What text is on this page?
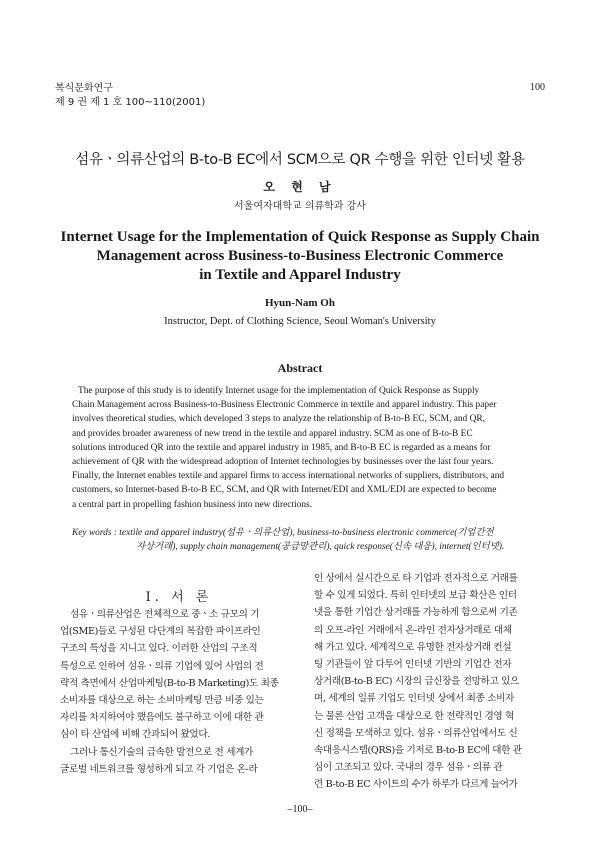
복식문화연구
제 9 권 제 1 호 100~110(2001)
100
섬유ㆍ의류산업의 B-to-B EC에서 SCM으로 QR 수행을 위한 인터넷 활용
오 현 남
서울여자대학교 의류학과 강사
Internet Usage for the Implementation of Quick Response as Supply Chain
Management across Business-to-Business Electronic Commerce
in Textile and Apparel Industry
Hyun-Nam Oh
Instructor, Dept. of Clothing Science, Seoul Woman's University
Abstract
The purpose of this study is to identify Internet usage for the implementation of Quick Response as Supply
Chain Management across Business-to-Business Electronic Commerce in textile and apparel industry. This paper
involves theoretical studies, which developed 3 steps to analyze the relationship of B-to-B EC, SCM, and QR,
and provides broader awareness of new trend in the textile and apparel industry. SCM as one of B-to-B EC
solutions introduced QR into the textile and apparel industry in 1985, and B-to-B EC is regarded as a means for
achievement of QR with the widespread adoption of Internet technologies by businesses over the last four years.
Finally, the Internet enables textile and apparel firms to access international networks of suppliers, distributors, and
customers, so Internet-based B-to-B EC, SCM, and QR with Internet/EDI and XML/EDI are expected to become
a central part in propelling fashion business into new directions.
Key words : textile and apparel industry(섬유ㆍ의류산업), business-to-business electronic commerce(기업간전
자상거래), supply chain management(공급망관리), quick response(신속 대응), internet(인터넷).
Ⅰ. 서 론
섬유ㆍ의류산업은 전체적으로 중ㆍ소 규모의 기
업(SME)들로 구성된 다단계의 복잡한 파이프라인
구조의 특성을 지니고 있다. 이러한 산업의 구조적
특성으로 인하여 섬유ㆍ의류 기업에 있어 사업의 전
략적 측면에서 산업마케팅(B-to-B Marketing)도 최종
소비자를 대상으로 하는 소비마케팅 만큼 비중 있는
자리를 차지하여야 했음에도 불구하고 이에 대한 관
심이 타 산업에 비해 간과되어 왔었다.
그러나 통신기술의 급속한 발전으로 전 세계가
글로벌 네트워크를 형성하게 되고 각 기업은 온-라
인 상에서 실시간으로 타 기업과 전자적으로 거래를
할 수 있게 되었다. 특히 인터넷의 보급 확산은 인터
넷을 통한 기업간 상거래를 가능하게 함으로써 기존
의 오프-라인 거래에서 온-라인 전자상거래로 대체
해 가고 있다. 세계적으로 유명한 전자상거래 컨설
팅 기관들이 앞 다투어 인터넷 기반의 기업간 전자
상거래(B-to-B EC) 시장의 급신장을 전망하고 있으
며, 세계의 일류 기업도 인터넷 상에서 최종 소비자
는 물론 산업 고객을 대상으로 한 전략적인 경영 혁
신 정책을 모색하고 있다. 섬유ㆍ의류산업에서도 신
속대응시스템(QRS)을 기저로 B-to-B EC에 대한 관
심이 고조되고 있다. 국내의 경우 섬유ㆍ의류 관
련 B-to-B EC 사이트의 수가 하루가 다르게 늘어가
–100–
